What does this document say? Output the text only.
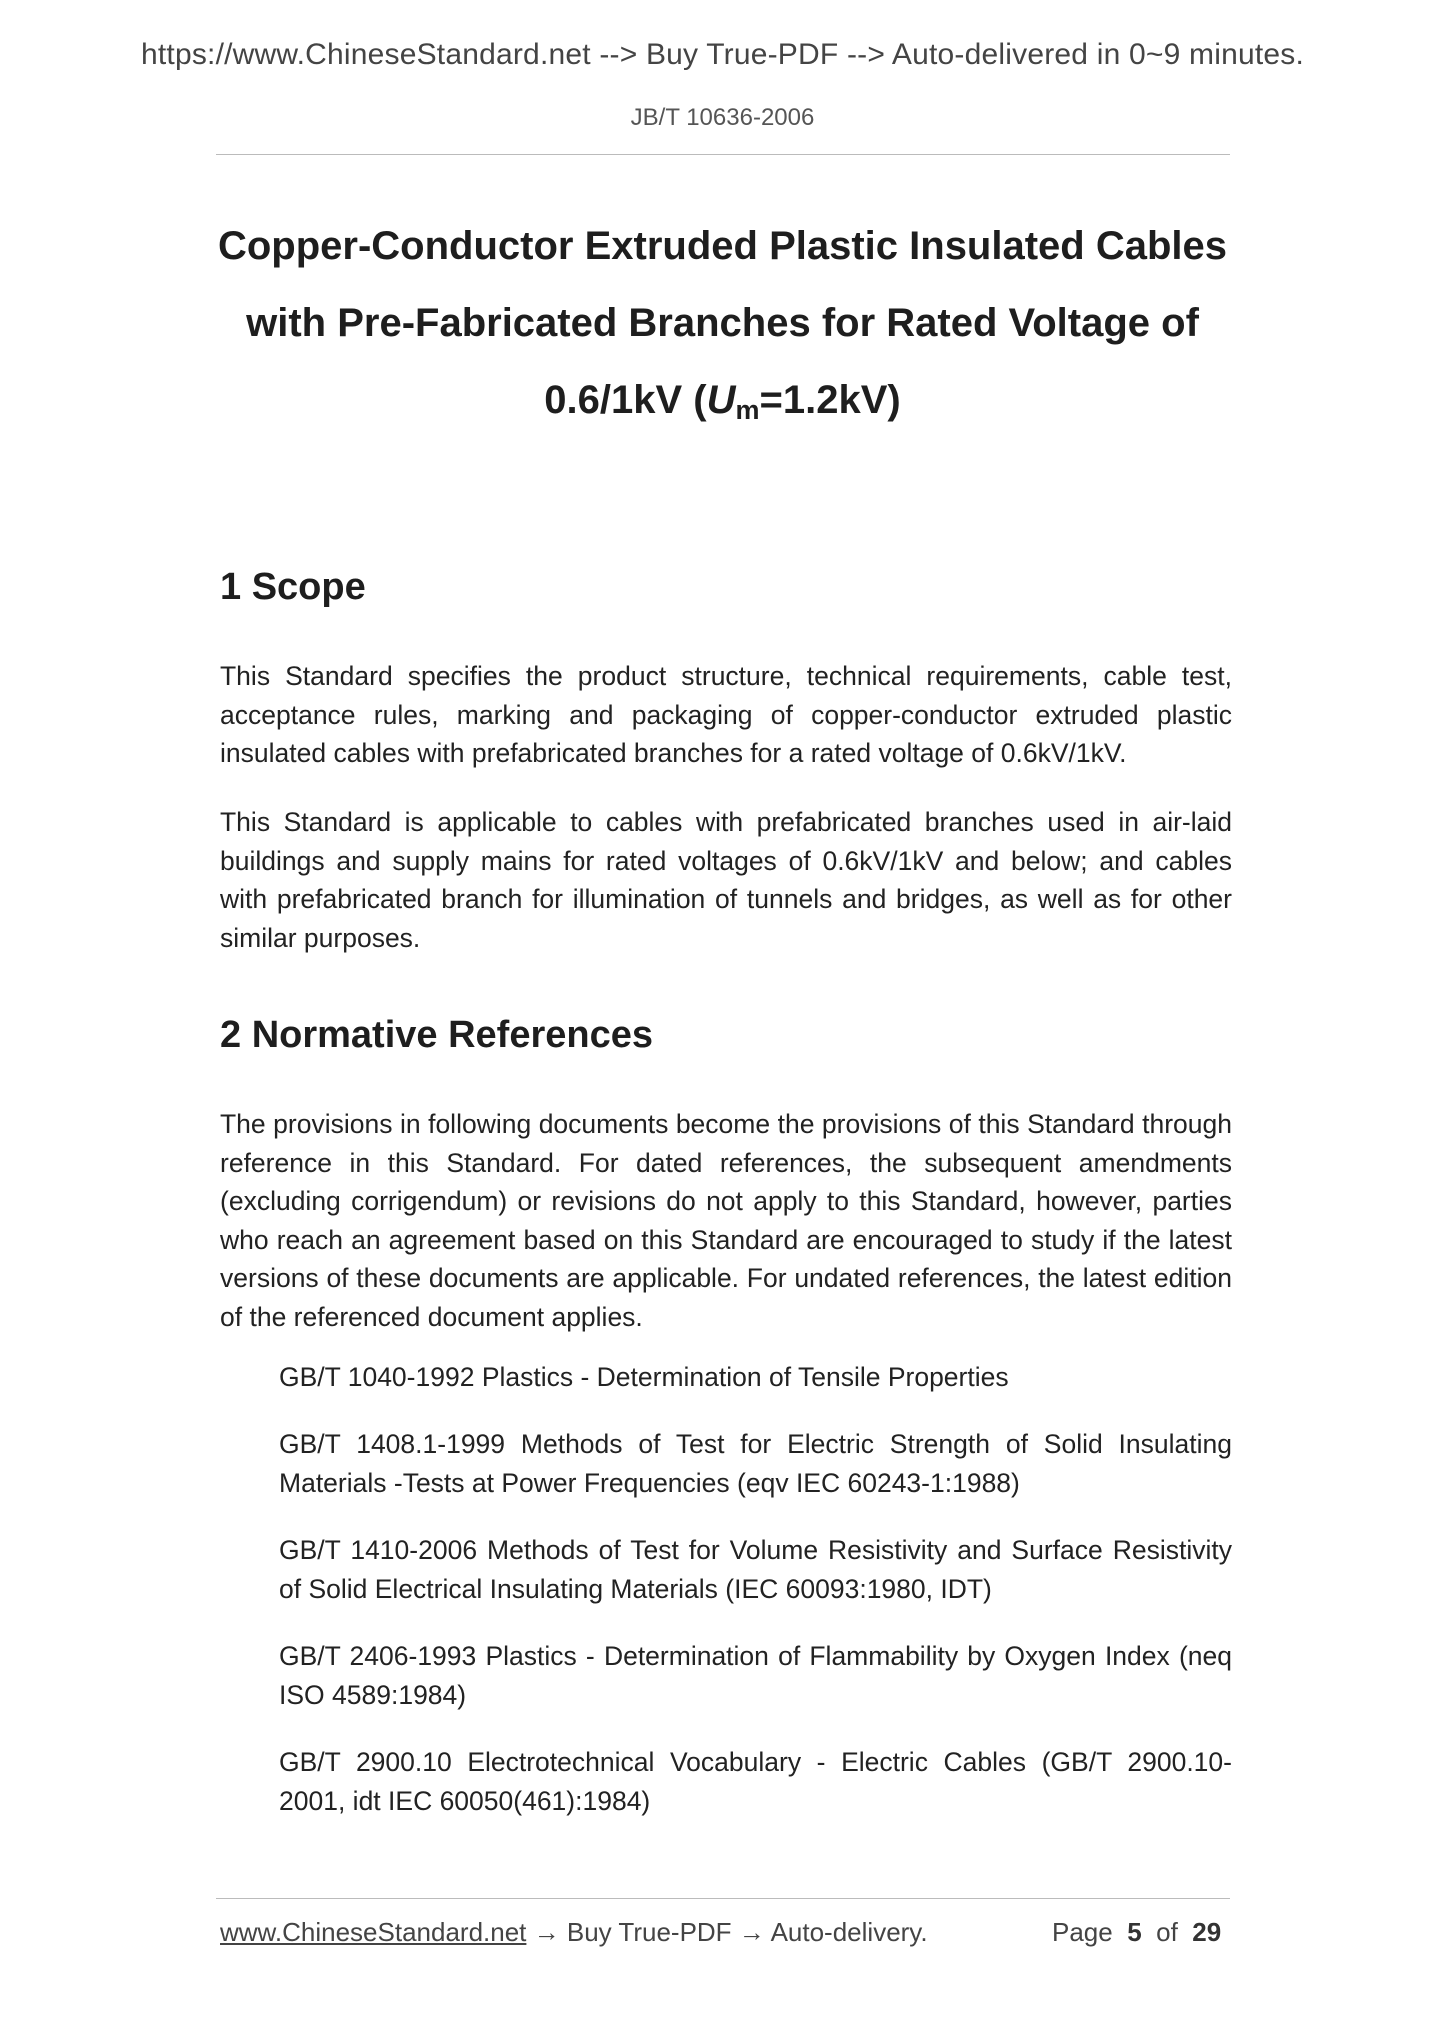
https://www.ChineseStandard.net --> Buy True-PDF --> Auto-delivered in 0~9 minutes.
JB/T 10636-2006
Copper-Conductor Extruded Plastic Insulated Cables
with Pre-Fabricated Branches for Rated Voltage of
0.6/1kV $(U_m=1.2kV)$
1 Scope
This Standard specifies the product structure, technical requirements, cable test, acceptance rules, marking and packaging of copper-conductor extruded plastic insulated cables with prefabricated branches for a rated voltage of 0.6kV/1kV.
This Standard is applicable to cables with prefabricated branches used in air-laid buildings and supply mains for rated voltages of 0.6kV/1kV and below; and cables with prefabricated branch for illumination of tunnels and bridges, as well as for other similar purposes.
2 Normative References
The provisions in following documents become the provisions of this Standard through reference in this Standard. For dated references, the subsequent amendments (excluding corrigendum) or revisions do not apply to this Standard, however, parties who reach an agreement based on this Standard are encouraged to study if the latest versions of these documents are applicable. For undated references, the latest edition of the referenced document applies.
GB/T 1040-1992 Plastics - Determination of Tensile Properties
GB/T 1408.1-1999 Methods of Test for Electric Strength of Solid Insulating Materials -Tests at Power Frequencies (eqv IEC 60243-1:1988)
GB/T 1410-2006 Methods of Test for Volume Resistivity and Surface Resistivity of Solid Electrical Insulating Materials (IEC 60093:1980, IDT)
GB/T 2406-1993 Plastics - Determination of Flammability by Oxygen Index (neq ISO 4589:1984)
GB/T 2900.10 Electrotechnical Vocabulary - Electric Cables (GB/T 2900.10-2001, idt IEC 60050(461):1984)
www.ChineseStandard.net → Buy True-PDF → Auto-delivery.	Page 5 of 29
